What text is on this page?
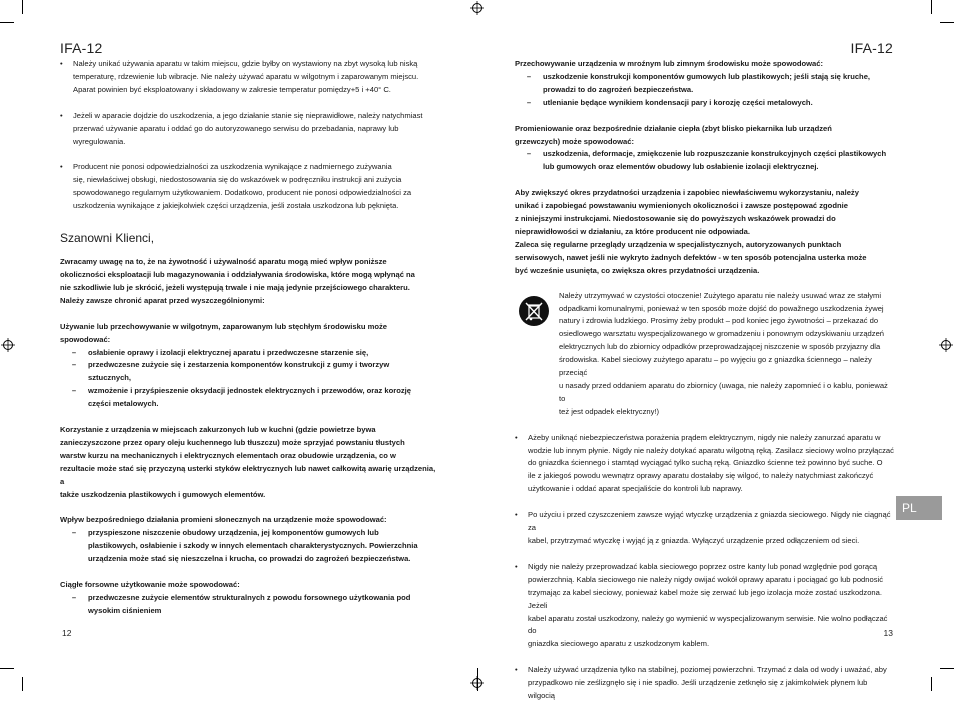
IFA-12
•	Należy unikać używania aparatu w takim miejscu, gdzie byłby on wystawiony na zbyt wysoką lub niską
temperaturę, rdzewienie lub wibracje. Nie należy używać aparatu w wilgotnym i zaparowanym miejscu.
Aparat powinien być eksploatowany i składowany w zakresie temperatur pomiędzy+5 i +40° C.
•	Jeżeli w aparacie dojdzie do uszkodzenia, a jego działanie stanie się nieprawidłowe, należy natychmiast
przerwać używanie aparatu i oddać go do autoryzowanego serwisu do przebadania, naprawy lub
wyregulowania.
•	Producent nie ponosi odpowiedzialności za uszkodzenia wynikające z nadmiernego zużywania
się, niewłaściwej obsługi, niedostosowania się do wskazówek w podręczniku instrukcji ani zużycia
spowodowanego regularnym użytkowaniem. Dodatkowo, producent nie ponosi odpowiedzialności za
uszkodzenia wynikające z jakiejkolwiek części urządzenia, jeśli została uszkodzona lub pęknięta.

Szanowni Klienci,

Zwracamy uwagę na to, że na żywotność i używalność aparatu mogą mieć wpływ poniższe
okoliczności eksploatacji lub magazynowania i oddziaływania środowiska, które mogą wpłynąć na
nie szkodliwie lub je skrócić, jeżeli występują trwale i nie mają jedynie przejściowego charakteru.
Należy zawsze chronić aparat przed wyszczególnionymi:

Używanie lub przechowywanie w wilgotnym, zaparowanym lub stęchłym środowisku może
spowodować:

–	osłabienie oprawy i izolacji elektrycznej aparatu i przedwczesne starzenie się,
–	przedwczesne zużycie się i zestarzenia komponentów konstrukcji z gumy i tworzyw
sztucznych,
–	wzmożenie i przyśpieszenie oksydacji jednostek elektrycznych i przewodów, oraz korozję
części metalowych.

Korzystanie z urządzenia w miejscach zakurzonych lub w kuchni (gdzie powietrze bywa
zanieczyszczone przez opary oleju kuchennego lub tłuszczu) może sprzyjać powstaniu tłustych
warstw kurzu na mechanicznych i elektrycznych elementach oraz obudowie urządzenia, co w
rezultacie może stać się przyczyną usterki styków elektrycznych lub nawet całkowitą awarię urządzenia, a
także uszkodzenia plastikowych i gumowych elementów.

Wpływ bezpośredniego działania promieni słonecznych na urządzenie może spowodować:

–	przyspieszone niszczenie obudowy urządzenia, jej komponentów gumowych lub
plastikowych, osłabienie i szkody w innych elementach charakterystycznych. Powierzchnia
urządzenia może stać się nieszczelna i krucha, co prowadzi do zagrożeń bezpieczeństwa.

Ciągłe forsowne użytkowanie może spowodować:

–	przedwczesne zużycie elementów strukturalnych z powodu forsownego użytkowania pod
wysokim ciśnieniem
12
IFA-12

Przechowywanie urządzenia w mroźnym lub zimnym środowisku może spowodować:

–	uszkodzenie konstrukcji komponentów gumowych lub plastikowych; jeśli stają się kruche,
prowadzi to do zagrożeń bezpieczeństwa.
–	utlenianie będące wynikiem kondensacji pary i korozję części metalowych.

Promieniowanie oraz bezpośrednie działanie ciepła (zbyt blisko piekarnika lub urządzeń
grzewczych) może spowodować:

–	uszkodzenia, deformacje, zmiękczenie lub rozpuszczanie konstrukcyjnych części plastikowych
lub gumowych oraz elementów obudowy lub osłabienie izolacji elektrycznej.

Aby zwiększyć okres przydatności urządzenia i zapobiec niewłaściwemu wykorzystaniu, należy
unikać i zapobiegać powstawaniu wymienionych okoliczności i zawsze postępować zgodnie
z niniejszymi instrukcjami. Niedostosowanie się do powyższych wskazówek prowadzi do
nieprawidłowości w działaniu, za które producent nie odpowiada.
Zaleca się regularne przeglądy urządzenia w specjalistycznych, autoryzowanych punktach
serwisowych, nawet jeśli nie wykryto żadnych defektów - w ten sposób potencjalna usterka może
być wcześnie usunięta, co zwiększa okres przydatności urządzenia.

Należy utrzymywać w czystości otoczenie! Zużytego aparatu nie należy usuwać wraz ze stałymi
odpadkami komunalnymi, ponieważ w ten sposób może dojść do powažnego uszkodzenia żywej
natury i zdrowia ludzkiego. Prosimy żeby produkt – pod koniec jego żywotności – przekazać do
osiedlowego warsztatu wyspecjalizowanego w gromadzeniu i ponownym odzyskiwaniu urządzeń
elektrycznych lub do zbiornicy odpadków przeprowadzającej niszczenie w sposób przyjazny dla
środowiska. Kabel sieciowy zużytego aparatu – po wyjęciu go z gniazdka ściennego – należy przeciąć
u nasady przed oddaniem aparatu do zbiornicy (uwaga, nie należy zapomnieć i o kablu, ponieważ to
też jest odpadek elektryczny!)
•	Ażeby uniknąć niebezpieczeństwa porażenia prądem elektrycznym, nigdy nie należy zanurzać aparatu w
wodzie lub innym płynie. Nigdy nie należy dotykać aparatu wilgotną ręką. Zasilacz sieciowy wolno przyłączać
do gniazdka ściennego i stamtąd wyciągać tylko suchą ręką. Gniazdko ścienne też powinno być suche. O
ile z jakiegoś powodu wewnątrz oprawy aparatu dostałaby się wilgoć, to należy natychmiast zakończyć
użytkowanie i oddać aparat specjaliście do kontroli lub naprawy.
•	Po użyciu i przed czyszczeniem zawsze wyjąć wtyczkę urządzenia z gniazda sieciowego. Nigdy nie ciągnąć za
kabel, przytrzymać wtyczkę i wyjąć ją z gniazda. Wyłączyć urządzenie przed odłączeniem od sieci.
•	Nigdy nie należy przeprowadzać kabla sieciowego poprzez ostre kanty lub ponad względnie pod gorącą
powierzchnią. Kabla sieciowego nie należy nigdy owijać wokół oprawy aparatu i pociągać go lub podnosić
trzymając za kabel sieciowy, ponieważ kabel może się zerwać lub jego izolacja może zostać uszkodzona. Jeżeli
kabel aparatu został uszkodzony, należy go wymienić w wyspecjalizowanym serwisie. Nie wolno podłączać do
gniazdka sieciowego aparatu z uszkodzonym kablem.
•	Należy używać urządzenia tylko na stabilnej, poziomej powierzchni. Trzymać z dala od wody i uważać, aby
przypadkowo nie ześlizgnęło się i nie spadło. Jeśli urządzenie zetknęło się z jakimkolwiek płynem lub wilgocią
13
PL
